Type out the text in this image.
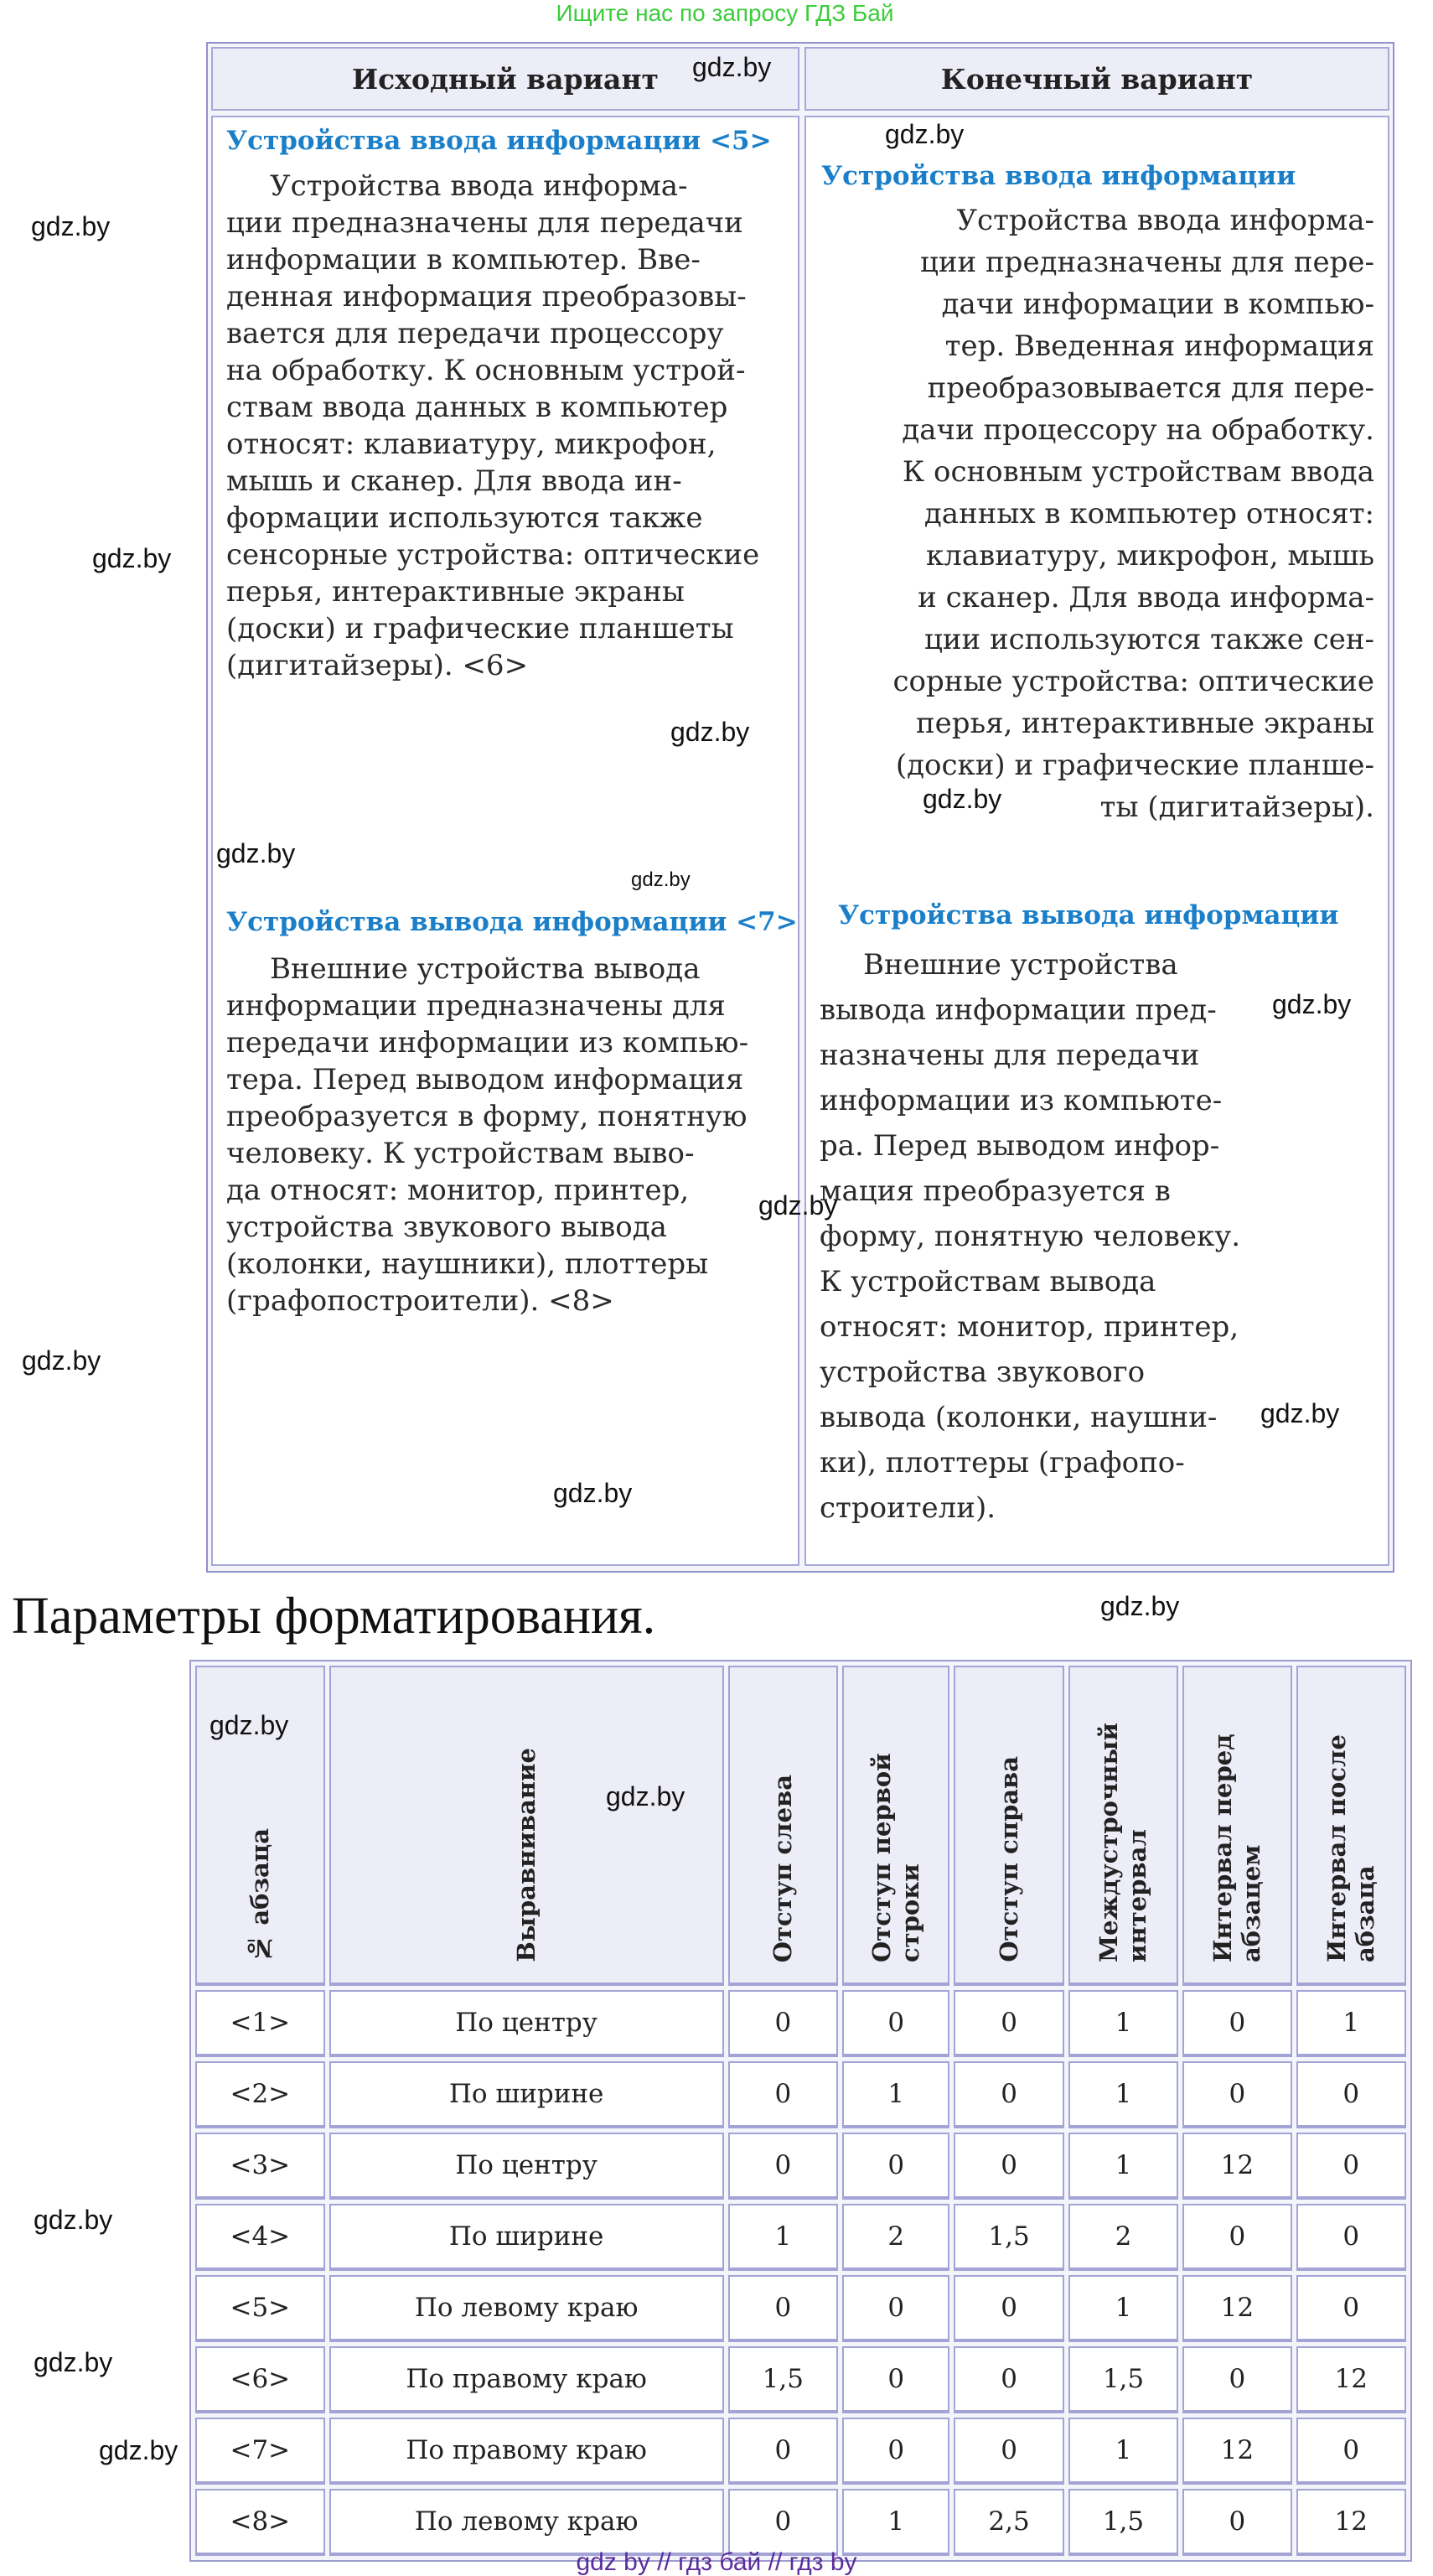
Ищите нас по запросу ГДЗ Бай
Исходный вариант	Конечный вариант
Устройства ввода информации <5>
Устройства ввода информа-
ции предназначены для передачи
информации в компьютер. Вве-
денная информация преобразовы-
вается для передачи процессору
на обработку. К основным устрой-
ствам ввода данных в компьютер
относят: клавиатуру, микрофон,
мышь и сканер. Для ввода ин-
формации используются также
сенсорные устройства: оптические
перья, интерактивные экраны
(доски) и графические планшеты
(дигитайзеры). <6>
Устройства вывода информации <7>
Внешние устройства вывода
информации предназначены для
передачи информации из компью-
тера. Перед выводом информация
преобразуется в форму, понятную
человеку. К устройствам выво-
да относят: монитор, принтер,
устройства звукового вывода
(колонки, наушники), плоттеры
(графопостроители). <8>
Устройства ввода информации
Устройства ввода информа-
ции предназначены для пере-
дачи информации в компью-
тер. Введенная информация
преобразовывается для пере-
дачи процессору на обработку.
К основным устройствам ввода
данных в компьютер относят:
клавиатуру, микрофон, мышь
и сканер. Для ввода информа-
ции используются также сен-
сорные устройства: оптические
перья, интерактивные экраны
(доски) и графические планше-
ты (дигитайзеры).
Устройства вывода информации
Внешние устройства
вывода информации пред-
назначены для передачи
информации из компьюте-
ра. Перед выводом инфор-
мация преобразуется в
форму, понятную человеку.
К устройствам вывода
относят: монитор, принтер,
устройства звукового
вывода (колонки, наушни-
ки), плоттеры (графопо-
строители).
Параметры форматирования.
№ абзаца	Выравнивание	Отступ слева	Отступ первой строки	Отступ справа	Междустрочный интервал	Интервал перед абзацем	Интервал после абзаца
<1>	По центру	0	0	0	1	0	1
<2>	По ширине	0	1	0	1	0	0
<3>	По центру	0	0	0	1	12	0
<4>	По ширине	1	2	1,5	2	0	0
<5>	По левому краю	0	0	0	1	12	0
<6>	По правому краю	1,5	0	0	1,5	0	12
<7>	По правому краю	0	0	0	1	12	0
<8>	По левому краю	0	1	2,5	1,5	0	12
gdz by // гдз бай // гдз by
gdz.by
gdz.by
gdz.by
gdz.by
gdz.by
gdz.by
gdz.by
gdz.by
gdz.by
gdz.by
gdz.by
gdz.by
gdz.by
gdz.by
gdz.by
gdz.by
gdz.by
gdz.by
gdz.by
